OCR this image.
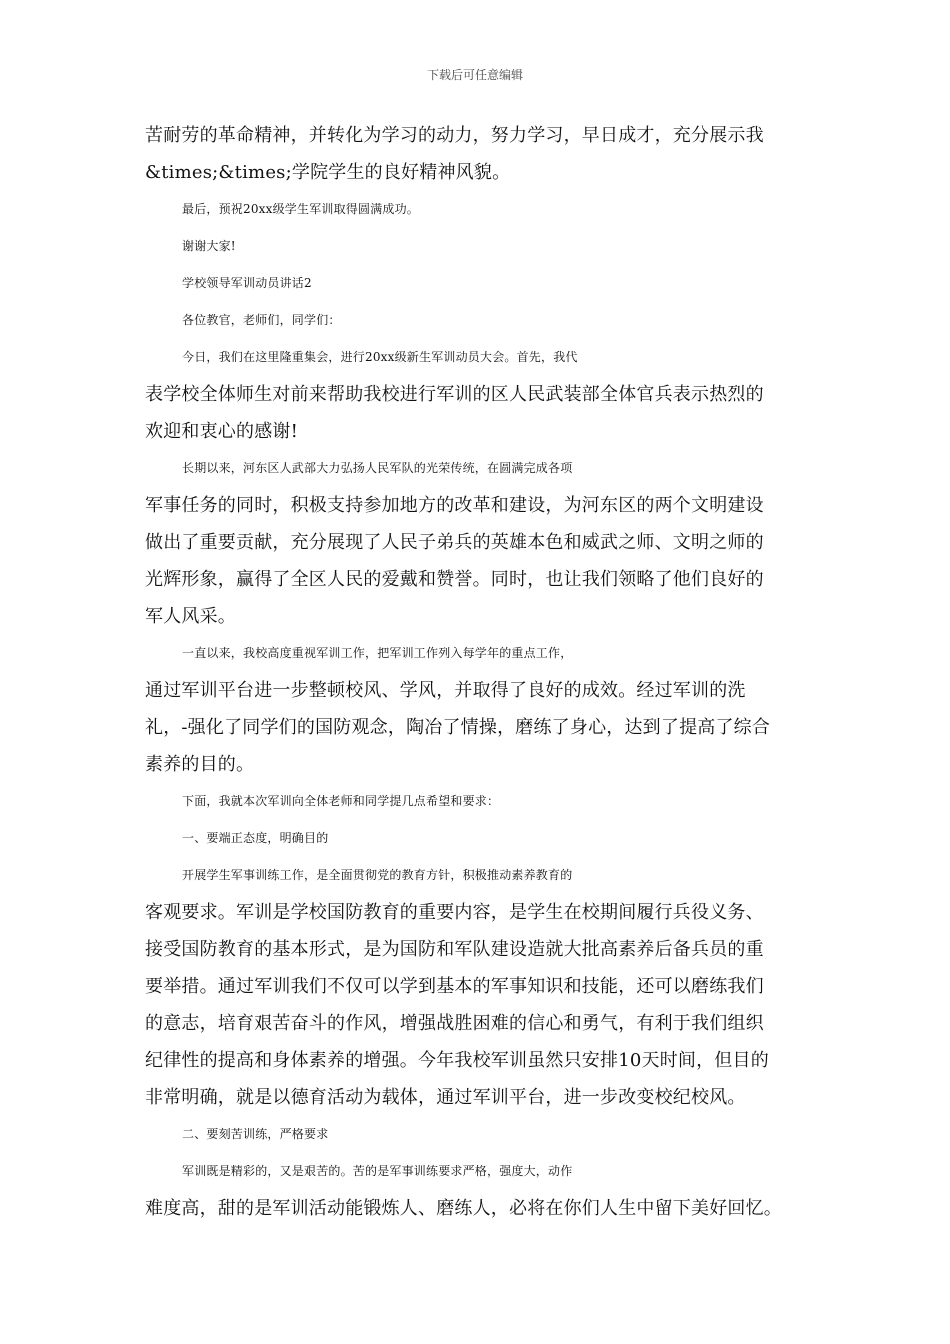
下载后可任意编辑
苦耐劳的革命精神，并转化为学习的动力，努力学习，早日成才，充分展示我
&times;&times;学院学生的良好精神风貌。
最后，预祝20xx级学生军训取得圆满成功。
谢谢大家!
学校领导军训动员讲话2
各位教官，老师们，同学们：
今日，我们在这里隆重集会，进行20xx级新生军训动员大会。首先，我代
表学校全体师生对前来帮助我校进行军训的区人民武装部全体官兵表示热烈的
欢迎和衷心的感谢!
长期以来，河东区人武部大力弘扬人民军队的光荣传统，在圆满完成各项
军事任务的同时，积极支持参加地方的改革和建设，为河东区的两个文明建设
做出了重要贡献，充分展现了人民子弟兵的英雄本色和威武之师、文明之师的
光辉形象，赢得了全区人民的爱戴和赞誉。同时，也让我们领略了他们良好的
军人风采。
一直以来，我校高度重视军训工作，把军训工作列入每学年的重点工作，
通过军训平台进一步整顿校风、学风，并取得了良好的成效。经过军训的洗
礼，-强化了同学们的国防观念，陶冶了情操，磨练了身心，达到了提高了综合
素养的目的。
下面，我就本次军训向全体老师和同学提几点希望和要求：
一、要端正态度，明确目的
开展学生军事训练工作，是全面贯彻党的教育方针，积极推动素养教育的
客观要求。军训是学校国防教育的重要内容，是学生在校期间履行兵役义务、
接受国防教育的基本形式，是为国防和军队建设造就大批高素养后备兵员的重
要举措。通过军训我们不仅可以学到基本的军事知识和技能，还可以磨练我们
的意志，培育艰苦奋斗的作风，增强战胜困难的信心和勇气，有利于我们组织
纪律性的提高和身体素养的增强。今年我校军训虽然只安排10天时间，但目的
非常明确，就是以德育活动为载体，通过军训平台，进一步改变校纪校风。
二、要刻苦训练，严格要求
军训既是精彩的，又是艰苦的。苦的是军事训练要求严格，强度大，动作
难度高，甜的是军训活动能锻炼人、磨练人，必将在你们人生中留下美好回忆。
